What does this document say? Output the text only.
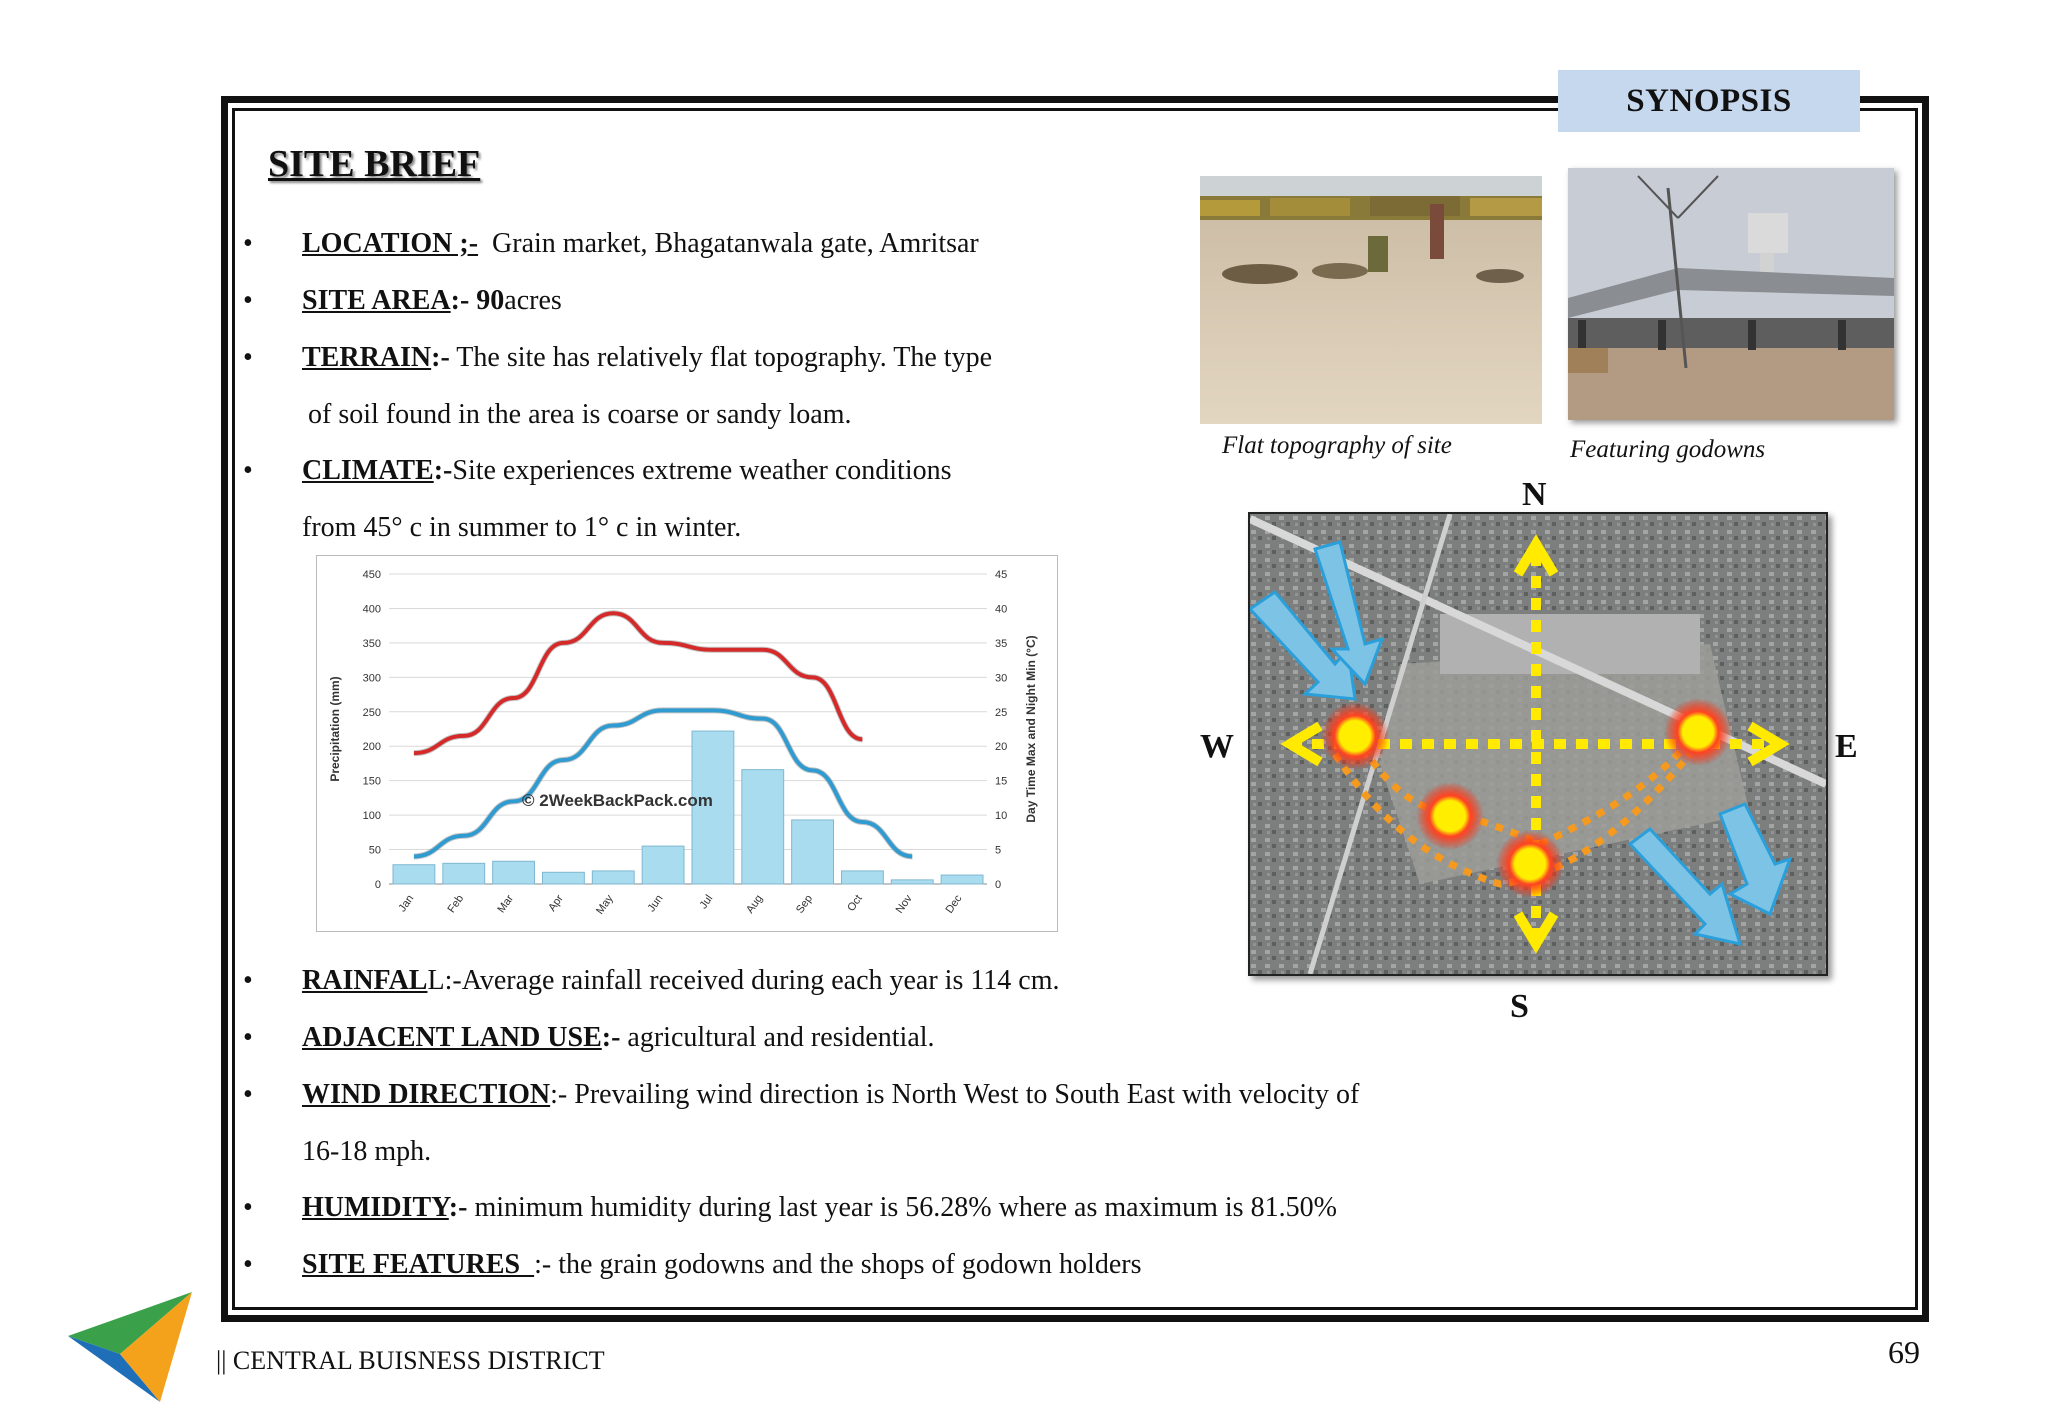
SYNOPSIS
SITE BRIEF
• LOCATION ;- Grain market, Bhagatanwala gate, Amritsar
• SITE AREA:- 90acres
• TERRAIN:- The site has relatively flat topography. The type
of soil found in the area is coarse or sandy loam.
• CLIMATE:-Site experiences extreme weather conditions
from 45° c in summer to 1° c in winter.
0
50
100
150
200
250
300
350
400
450
0
5
10
15
20
25
30
35
40
45
Jan	Feb	Mar	Apr	May	Jun	Jul	Aug	Sep	Oct	Nov	Dec
Precipitation (mm)	Day Time Max and Night Min (°C)
© 2WeekBackPack.com
• RAINFALL:-Average rainfall received during each year is 114 cm.
• ADJACENT LAND USE:- agricultural and residential.
• WIND DIRECTION:- Prevailing wind direction is North West to South East with velocity of
16-18 mph.
• HUMIDITY:- minimum humidity during last year is 56.28% where as maximum is 81.50%
• SITE FEATURES  :- the grain godowns and the shops of godown holders
Flat topography of site	Featuring godowns
N
S
E
W
|| CENTRAL BUISNESS DISTRICT	69
